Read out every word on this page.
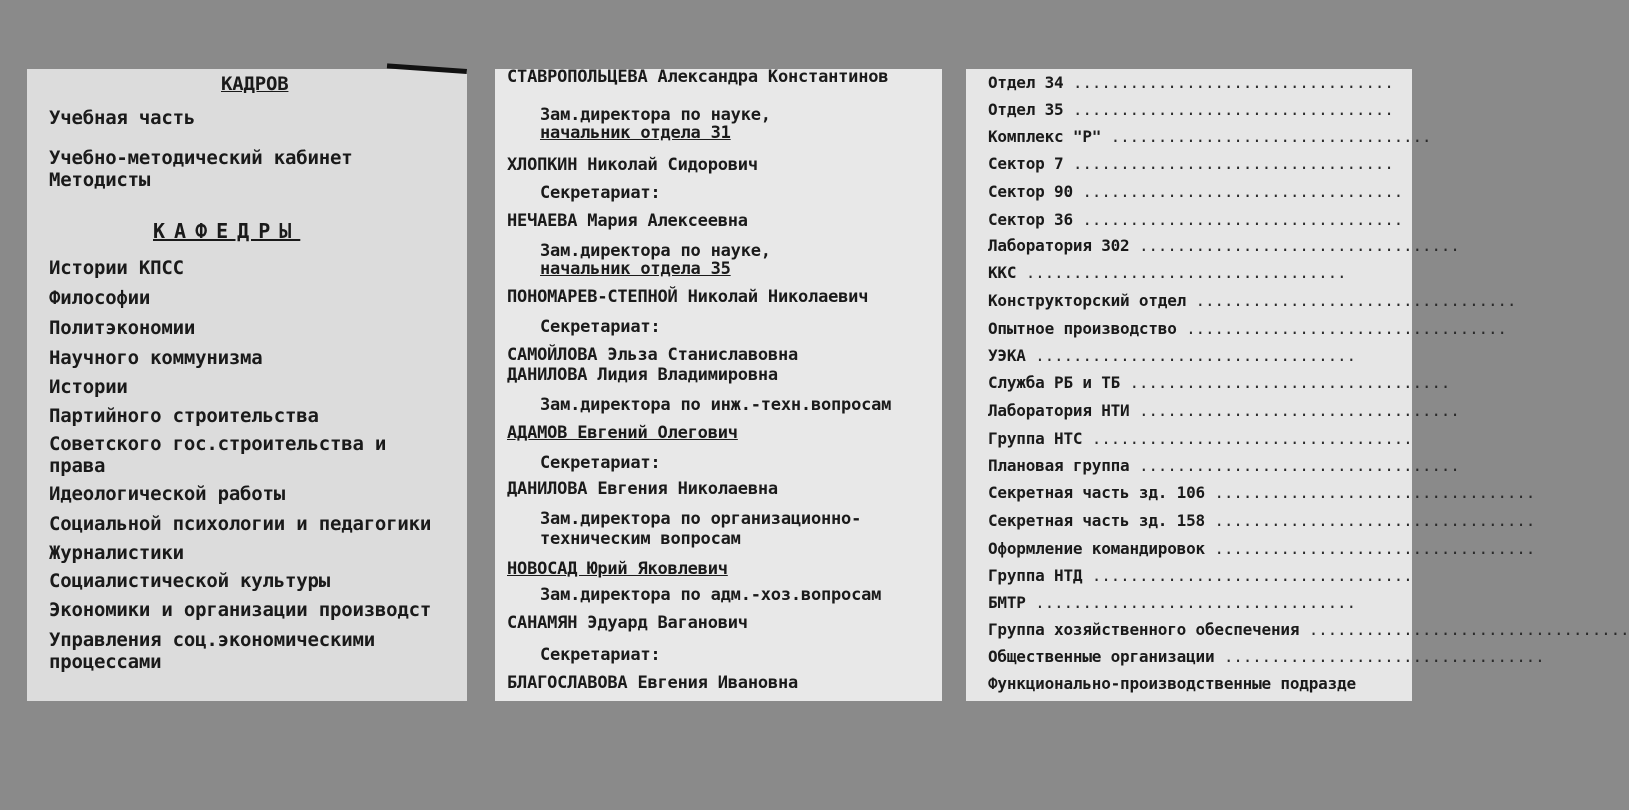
КАДРОВ
Учебная часть
Учебно-методический кабинет
Методисты
КАФЕДРЫ
Истории КПСС
Философии
Политэкономии
Научного коммунизма
Истории
Партийного строительства
Советского гос.строительства и
права
Идеологической работы
Социальной психологии и педагогики
Журналистики
Социалистической культуры
Экономики и организации производст
Управления соц.экономическими
процессами
СТАВРОПОЛЬЦЕВА Александра Константинов
Зам.директора по науке,
начальник отдела 31
ХЛОПКИН Николай Сидорович
Секретариат:
НЕЧАЕВА Мария Алексеевна
Зам.директора по науке,
начальник отдела 35
ПОНОМАРЕВ-СТЕПНОЙ Николай Николаевич
Секретариат:
САМОЙЛОВА Эльза Станиславовна
ДАНИЛОВА Лидия Владимировна
Зам.директора по инж.-техн.вопросам
АДАМОВ Евгений Олегович
Секретариат:
ДАНИЛОВА Евгения Николаевна
Зам.директора по организационно-
техническим вопросам
НОВОСАД Юрий Яковлевич
Зам.директора по адм.-хоз.вопросам
САНАМЯН Эдуард Ваганович
Секретариат:
БЛАГОСЛАВОВА Евгения Ивановна
Отдел 34 ..................................
Отдел 35 ..................................
Комплекс "Р" ..................................
Сектор 7 ..................................
Сектор 90 ..................................
Сектор 36 ..................................
Лаборатория 302 ..................................
ККС ..................................
Конструкторский отдел ..................................
Опытное производство ..................................
УЭКА ..................................
Служба РБ и ТБ ..................................
Лаборатория НТИ ..................................
Группа НТС ..................................
Плановая группа ..................................
Секретная часть зд. 106 ..................................
Секретная часть зд. 158 ..................................
Оформление командировок ..................................
Группа НТД ..................................
БМТР ..................................
Группа хозяйственного обеспечения ..................................
Общественные организации ..................................
Функционально-производственные подразде
